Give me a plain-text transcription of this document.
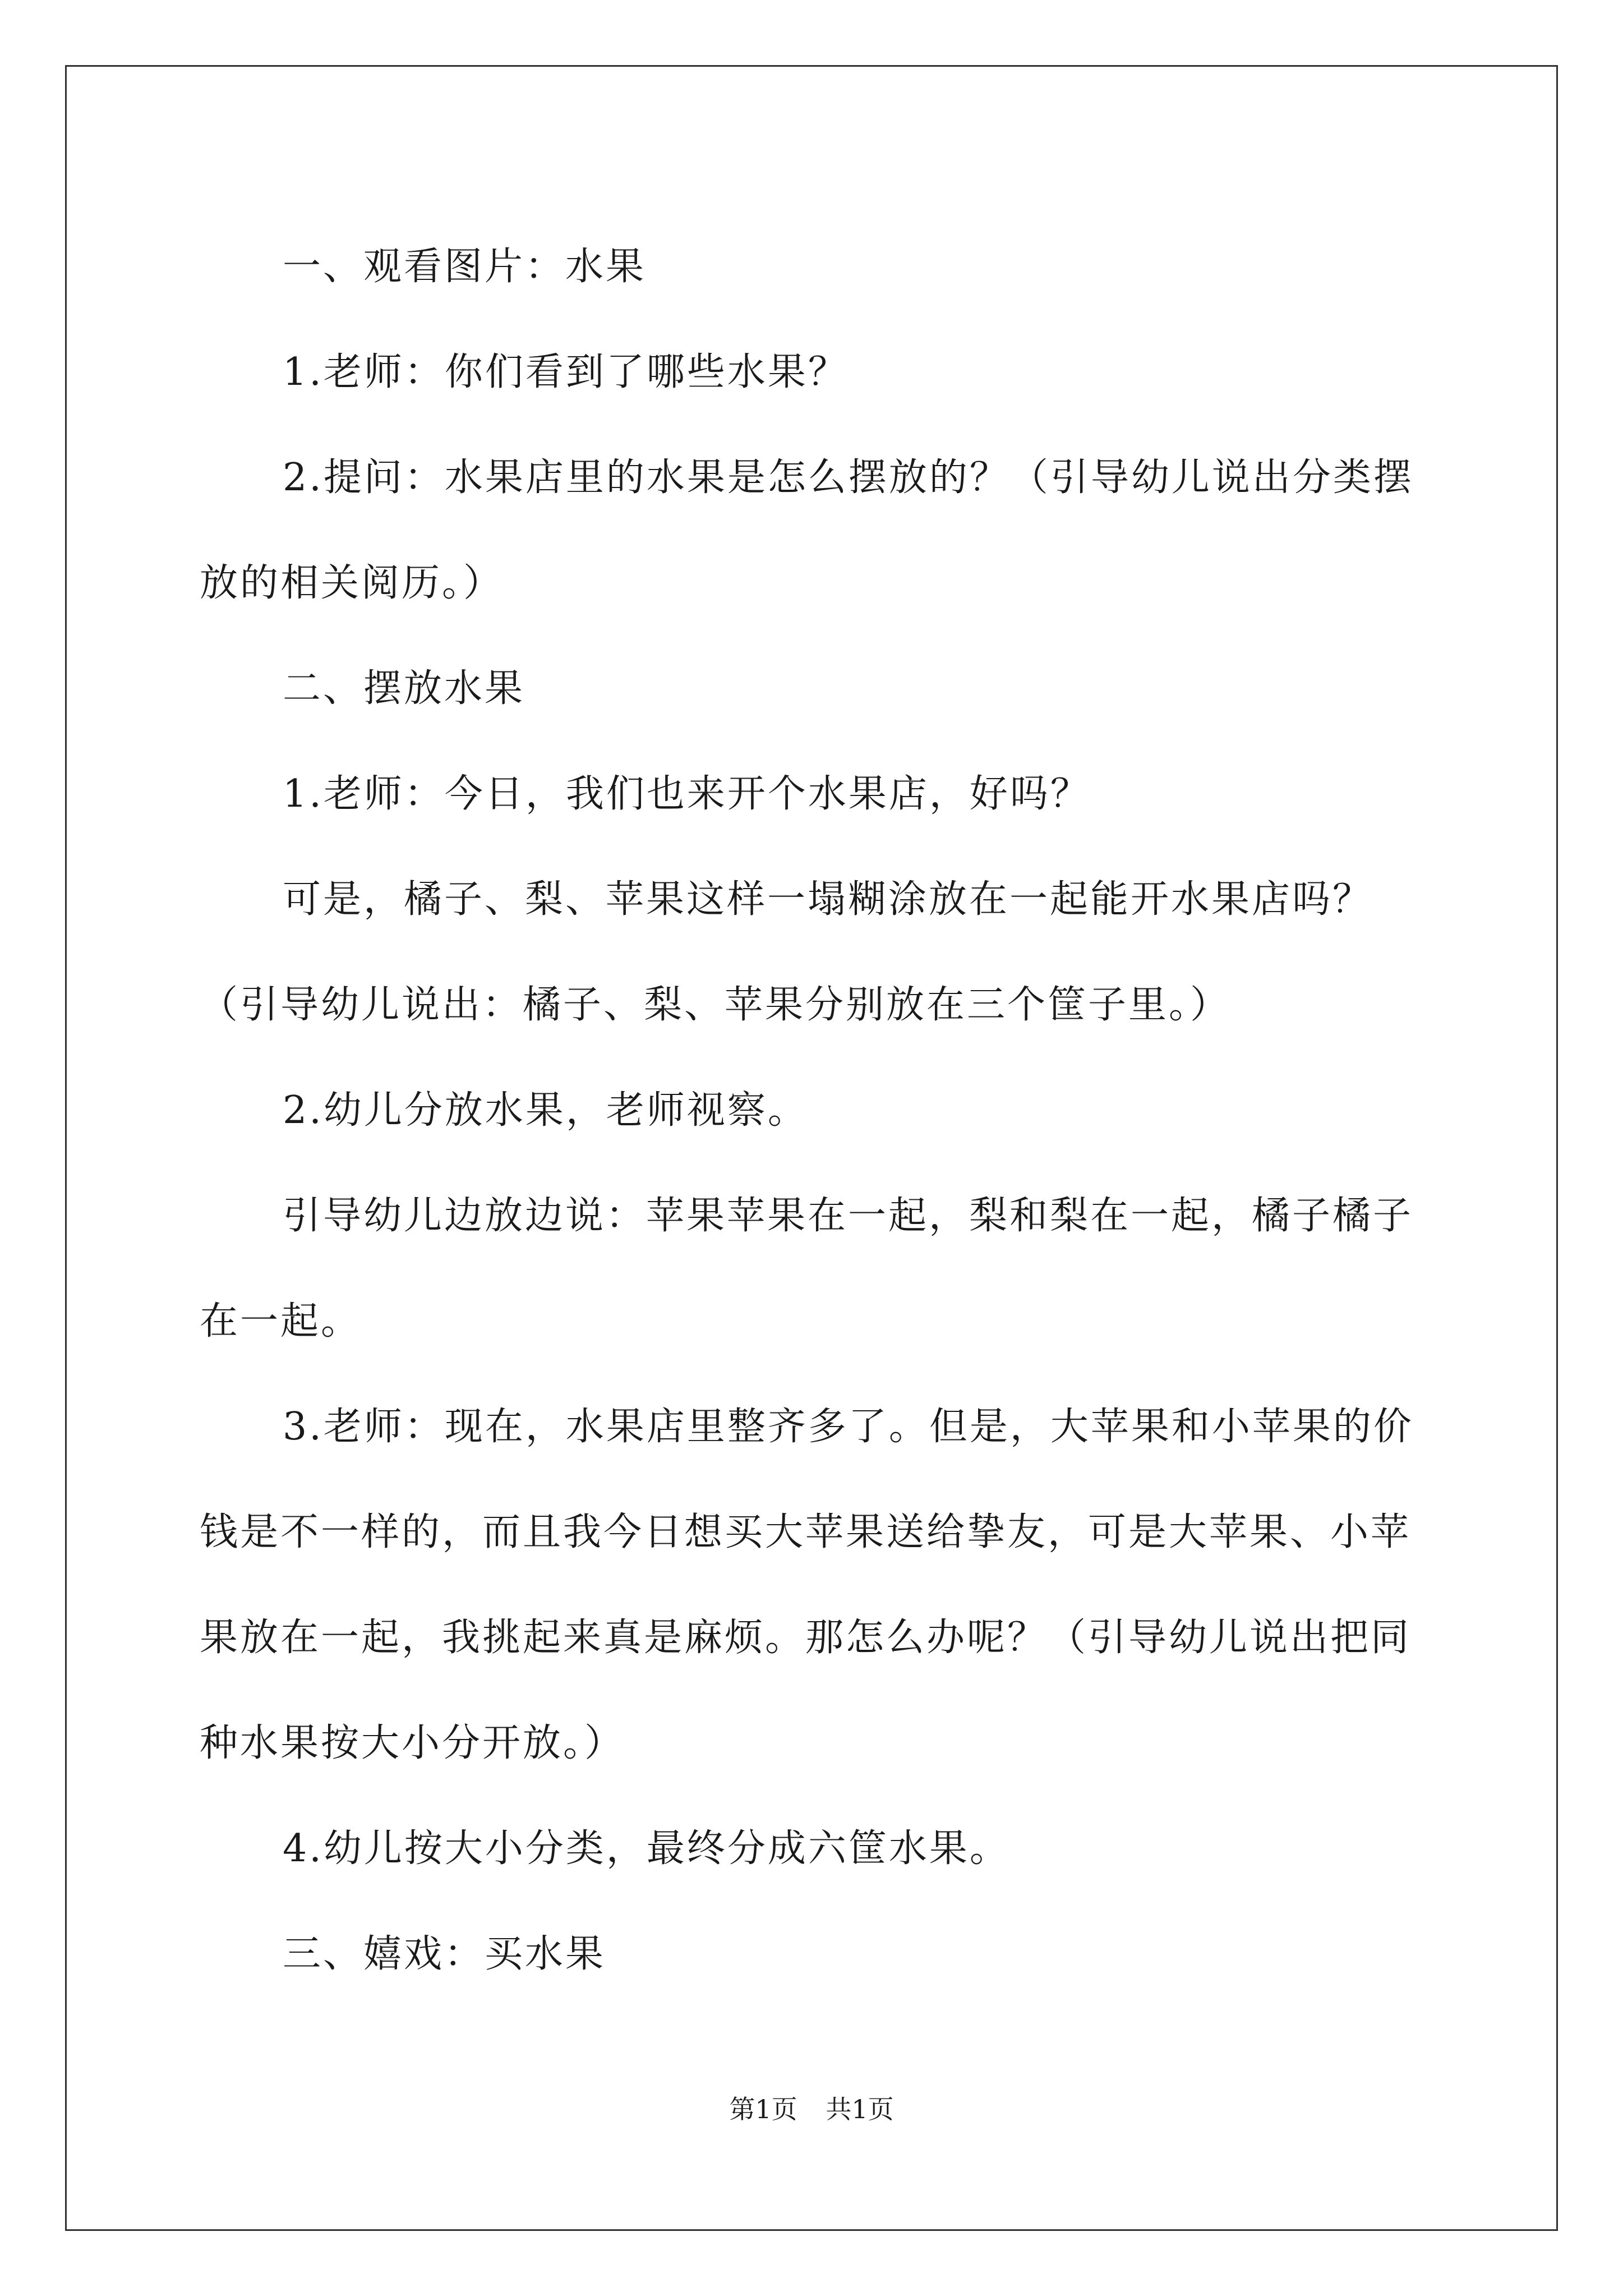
一、观看图片：水果

1.老师：你们看到了哪些水果？

2.提问：水果店里的水果是怎么摆放的？（引导幼儿说出分类摆放的相关阅历。）

二、摆放水果

1.老师：今日，我们也来开个水果店，好吗？

可是，橘子、梨、苹果这样一塌糊涂放在一起能开水果店吗？（引导幼儿说出：橘子、梨、苹果分别放在三个筐子里。）

2.幼儿分放水果，老师视察。

引导幼儿边放边说：苹果苹果在一起，梨和梨在一起，橘子橘子在一起。

3.老师：现在，水果店里整齐多了。但是，大苹果和小苹果的价钱是不一样的，而且我今日想买大苹果送给挚友，可是大苹果、小苹果放在一起，我挑起来真是麻烦。那怎么办呢？（引导幼儿说出把同种水果按大小分开放。）

4.幼儿按大小分类，最终分成六筐水果。

三、嬉戏：买水果

第1页 共1页
